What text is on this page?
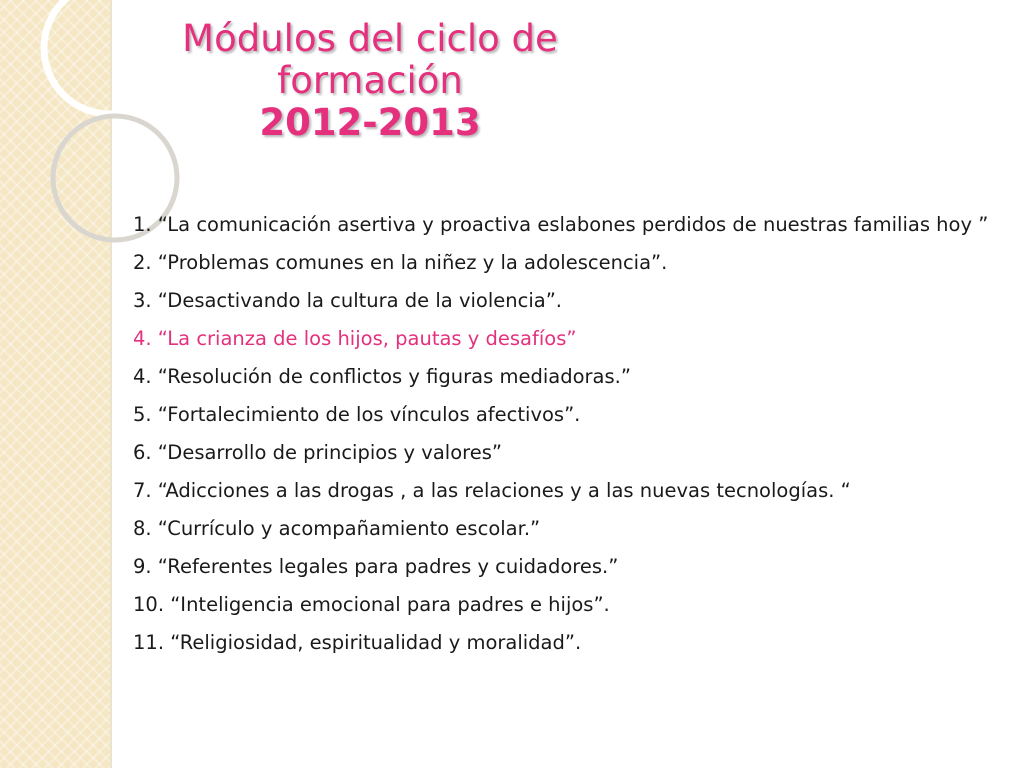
Módulos del ciclo de
formación
2012-2013
1. “La comunicación asertiva y proactiva eslabones perdidos de nuestras familias hoy ”
2. “Problemas comunes en la niñez y la adolescencia”.
3. “Desactivando la cultura de la violencia”.
4. “La crianza de los hijos, pautas y desafíos”
4. “Resolución de conflictos y figuras mediadoras.”
5. “Fortalecimiento de los vínculos afectivos”.
6. “Desarrollo de principios y valores”
7. “Adicciones a las drogas , a las relaciones y a las nuevas tecnologías. “
8. “Currículo y acompañamiento escolar.”
9. “Referentes legales para padres y cuidadores.”
10. “Inteligencia emocional para padres e hijos”.
11. “Religiosidad, espiritualidad y moralidad”.
